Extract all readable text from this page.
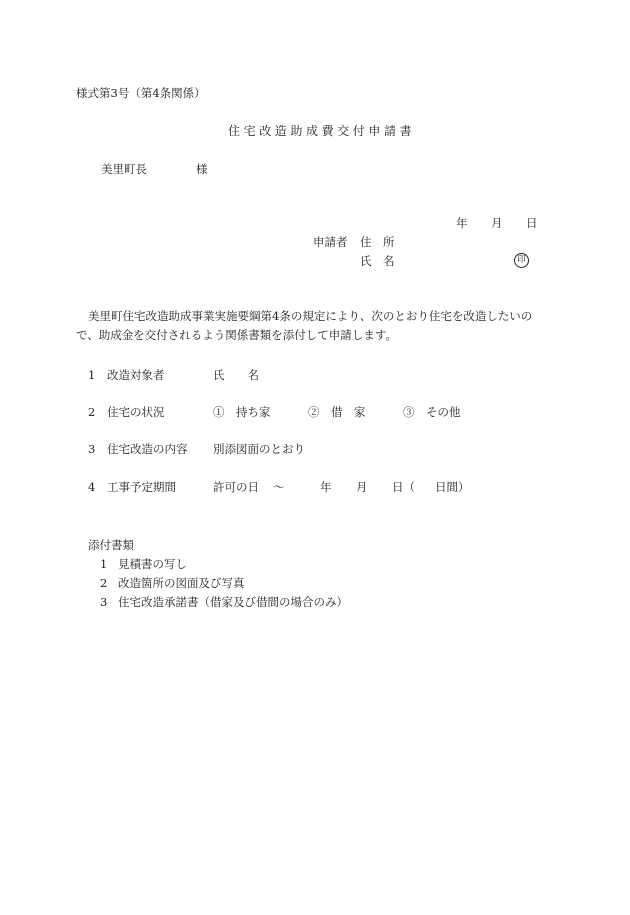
様式第3号（第4条関係）
住宅改造助成費交付申請書
美里町長	様
年 月 日
申請者 住　所
氏　名	印
美里町住宅改造助成事業実施要綱第4条の規定により、次のとおり住宅を改造したいの
で、助成金を交付されるよう関係書類を添付して申請します。
1 改造対象者	氏　　名
2 住宅の状況	①　持ち家	②　借　家	③　その他
3 住宅改造の内容 別添図面のとおり
4 工事予定期間	許可の日 ～	年 月 日（ 日間）
添付書類
1 見積書の写し
2 改造箇所の図面及び写真
3 住宅改造承諾書（借家及び借間の場合のみ）
